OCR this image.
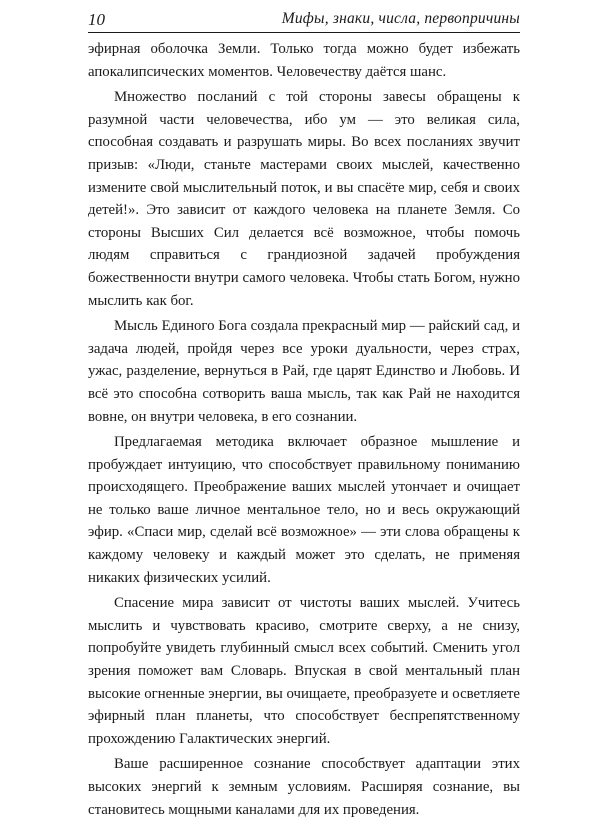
10	Мифы, знаки, числа, первопричины

эфирная оболочка Земли. Только тогда можно будет избежать апокалипсических моментов. Человечеству даётся шанс.

Множество посланий с той стороны завесы обращены к разумной части человечества, ибо ум — это великая сила, способная создавать и разрушать миры. Во всех посланиях звучит призыв: «Люди, станьте мастерами своих мыслей, качественно измените свой мыслительный поток, и вы спасёте мир, себя и своих детей!». Это зависит от каждого человека на планете Земля. Со стороны Высших Сил делается всё возможное, чтобы помочь людям справиться с грандиозной задачей пробуждения божественности внутри самого человека. Чтобы стать Богом, нужно мыслить как бог.

Мысль Единого Бога создала прекрасный мир — райский сад, и задача людей, пройдя через все уроки дуальности, через страх, ужас, разделение, вернуться в Рай, где царят Единство и Любовь. И всё это способна сотворить ваша мысль, так как Рай не находится вовне, он внутри человека, в его сознании.

Предлагаемая методика включает образное мышление и пробуждает интуицию, что способствует правильному пониманию происходящего. Преображение ваших мыслей утончает и очищает не только ваше личное ментальное тело, но и весь окружающий эфир. «Спаси мир, сделай всё возможное» — эти слова обращены к каждому человеку и каждый может это сделать, не применяя никаких физических усилий.

Спасение мира зависит от чистоты ваших мыслей. Учитесь мыслить и чувствовать красиво, смотрите сверху, а не снизу, попробуйте увидеть глубинный смысл всех событий. Сменить угол зрения поможет вам Словарь. Впуская в свой ментальный план высокие огненные энергии, вы очищаете, преобразуете и осветляете эфирный план планеты, что способствует беспрепятственному прохождению Галактических энергий.

Ваше расширенное сознание способствует адаптации этих высоких энергий к земным условиям. Расширяя сознание, вы становитесь мощными каналами для их проведения.
